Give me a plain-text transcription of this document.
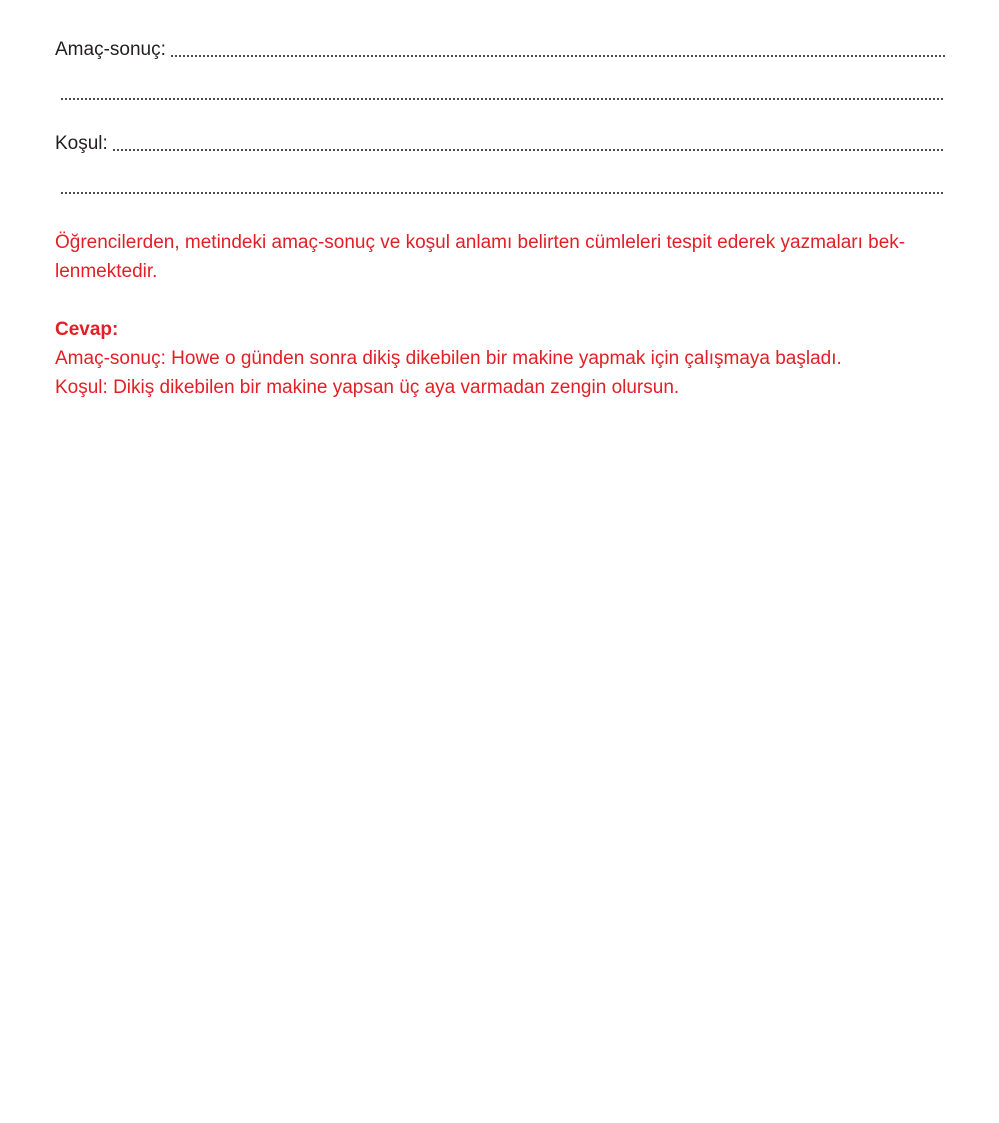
Amaç-sonuç:
Koşul:
Öğrencilerden, metindeki amaç-sonuç ve koşul anlamı belirten cümleleri tespit ederek yazmaları bek- lenmektedir.
Cevap:
Amaç-sonuç: Howe o günden sonra dikiş dikebilen bir makine yapmak için çalışmaya başladı.
Koşul: Dikiş dikebilen bir makine yapsan üç aya varmadan zengin olursun.
